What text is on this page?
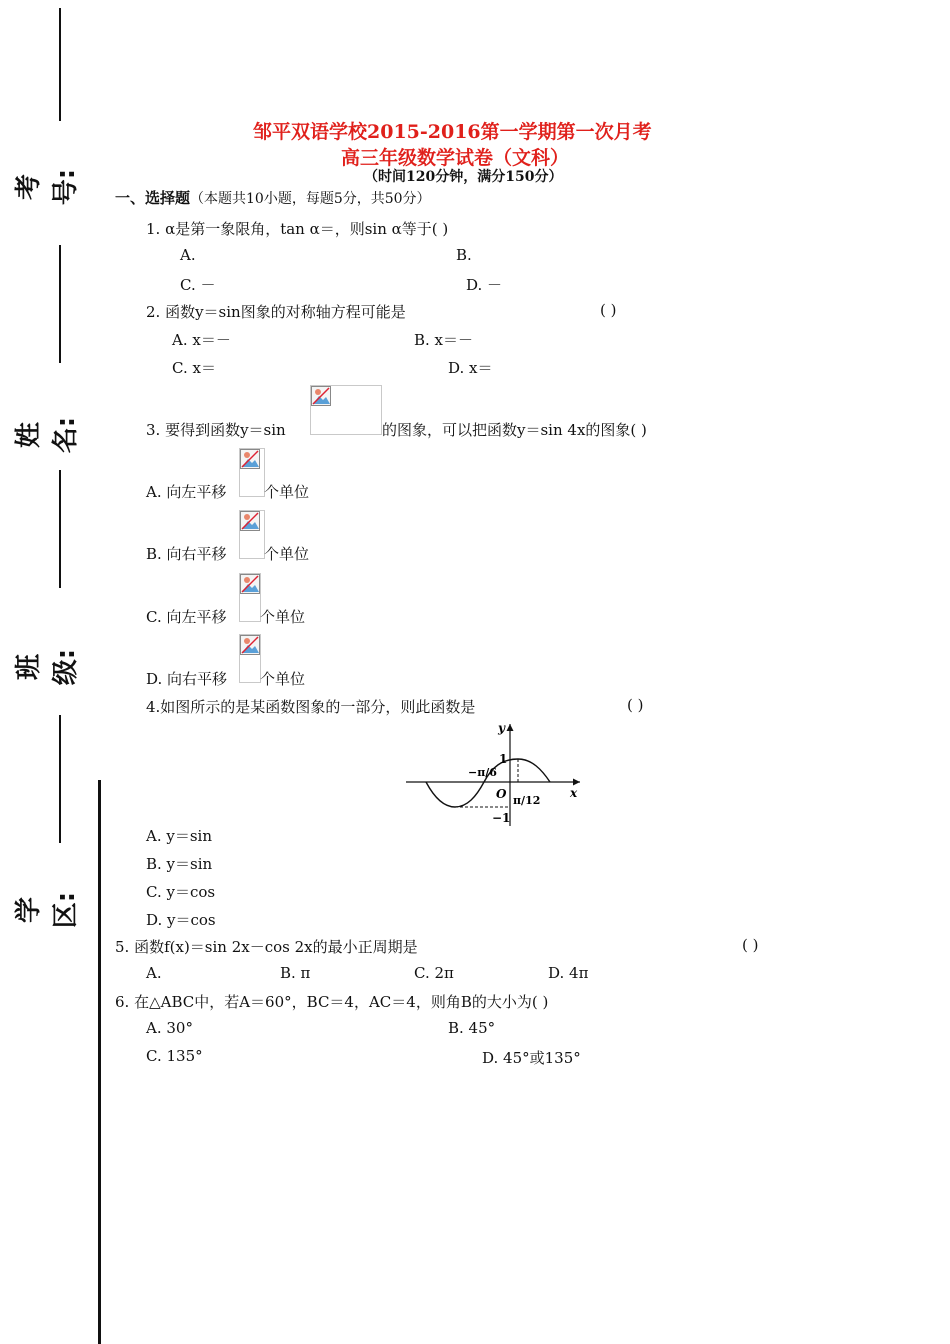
考号:
姓名:
班级:
学区:
邹平双语学校2015-2016第一学期第一次月考
高三年级数学试卷（文科）
（时间120分钟，满分150分）
一、选择题（本题共10小题，每题5分，共50分）
1. α是第一象限角，tan α＝，则sin α等于( )
A.	B.
C. －	D. －
2. 函数y＝sin图象的对称轴方程可能是	( )
A. x＝－	B. x＝－
C. x＝	D. x＝
3. 要得到函数y＝sin	的图象，可以把函数y＝sin 4x的图象( )
A. 向左平移	个单位
B. 向右平移 个单位
C. 向左平移 个单位
D. 向右平移 个单位
4.如图所示的是某函数图象的一部分，则此函数是	( )
y
x
O
1
−1
−π/6
π/12
A. y＝sin
B. y＝sin
C. y＝cos
D. y＝cos
5. 函数f(x)＝sin 2x－cos 2x的最小正周期是	( )
A.	B. π	C. 2π	D. 4π
6. 在△ABC中，若A＝60°，BC＝4，AC＝4，则角B的大小为( )
A. 30°	B. 45°
C. 135°	D. 45°或135°
